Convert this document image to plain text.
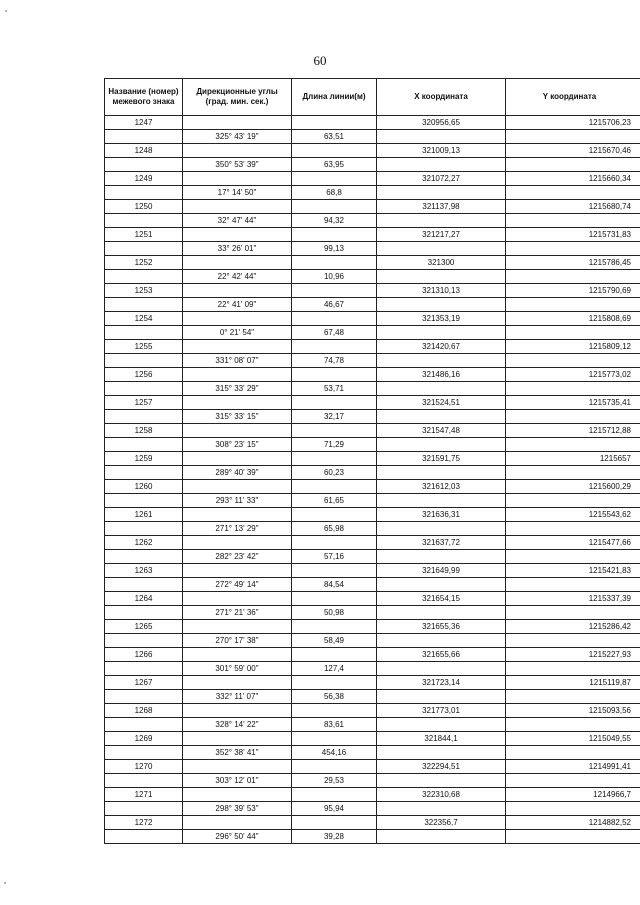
60
Название (номер) межевого знака	Дирекционные углы (град. мин. сек.)	Длина линии(м)	X координата	Y координата
1247			320956,65	1215706,23
	325° 43' 19"	63,51		
1248			321009,13	1215670,46
	350° 53' 39"	63,95		
1249			321072,27	1215660,34
	17° 14' 50"	68,8		
1250			321137,98	1215680,74
	32° 47' 44"	94,32		
1251			321217,27	1215731,83
	33° 26' 01"	99,13		
1252			321300	1215786,45
	22° 42' 44"	10,96		
1253			321310,13	1215790,69
	22° 41' 09"	46,67		
1254			321353,19	1215808,69
	0° 21' 54"	67,48		
1255			321420,67	1215809,12
	331° 08' 07"	74,78		
1256			321486,16	1215773,02
	315° 33' 29"	53,71		
1257			321524,51	1215735,41
	315° 33' 15"	32,17		
1258			321547,48	1215712,88
	308° 23' 15"	71,29		
1259			321591,75	1215657
	289° 40' 39"	60,23		
1260			321612,03	1215600,29
	293° 11' 33"	61,65		
1261			321636,31	1215543,62
	271° 13' 29"	65,98		
1262			321637,72	1215477,66
	282° 23' 42"	57,16		
1263			321649,99	1215421,83
	272° 49' 14"	84,54		
1264			321654,15	1215337,39
	271° 21' 36"	50,98		
1265			321655,36	1215286,42
	270° 17' 38"	58,49		
1266			321655,66	1215227,93
	301° 59' 00"	127,4		
1267			321723,14	1215119,87
	332° 11' 07"	56,38		
1268			321773,01	1215093,56
	328° 14' 22"	83,61		
1269			321844,1	1215049,55
	352° 38' 41"	454,16		
1270			322294,51	1214991,41
	303° 12' 01"	29,53		
1271			322310,68	1214966,7
	298° 39' 53"	95,94		
1272			322356,7	1214882,52
	296° 50' 44"	39,28		
